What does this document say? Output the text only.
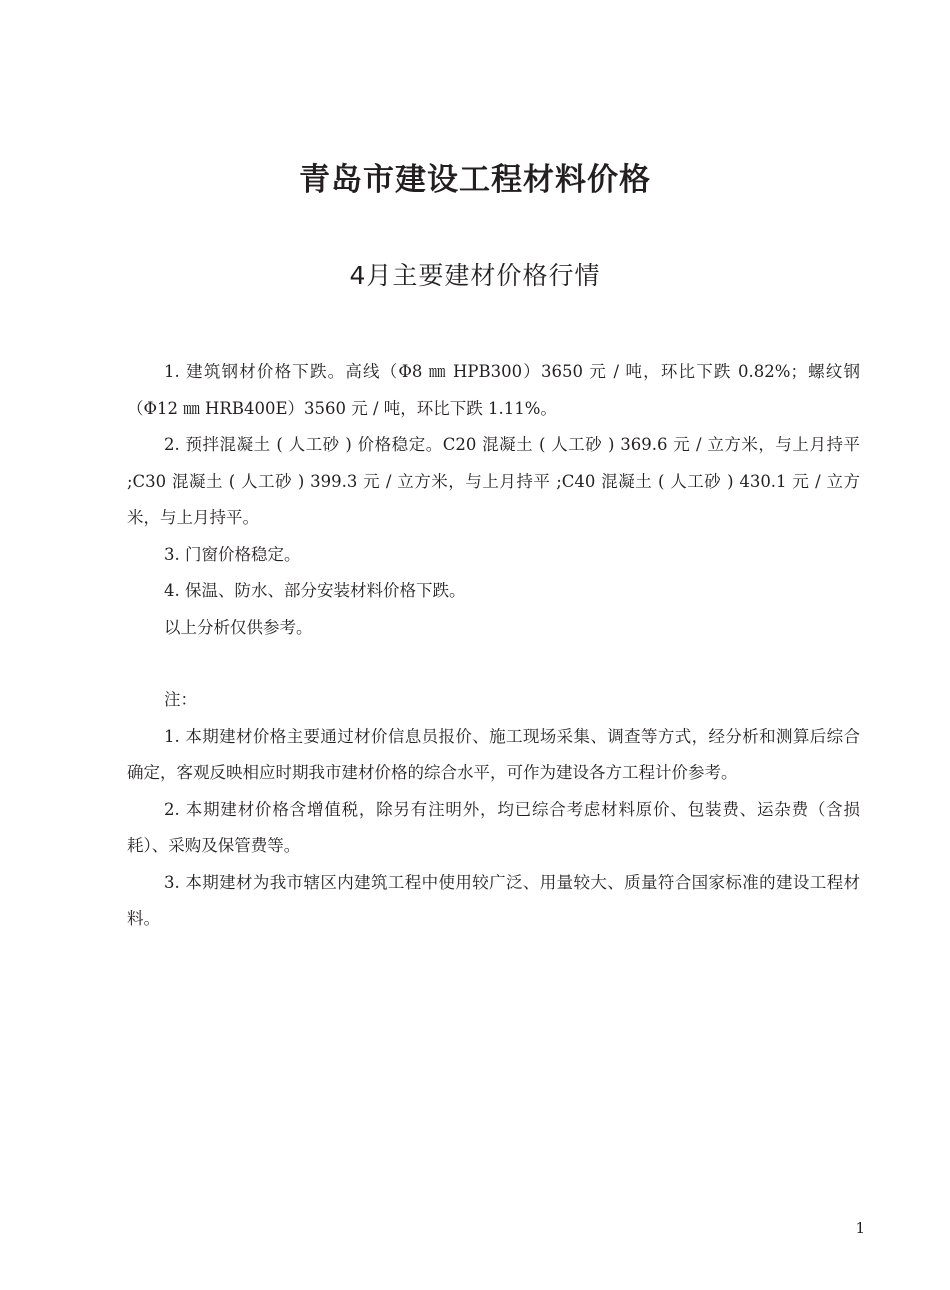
青岛市建设工程材料价格
4月主要建材价格行情

1. 建筑钢材价格下跌。高线（Φ8 ㎜ HPB300）3650 元 / 吨，环比下跌 0.82%；螺纹钢（Φ12 ㎜ HRB400E）3560 元 / 吨，环比下跌 1.11%。

2. 预拌混凝土 ( 人工砂 ) 价格稳定。C20 混凝土 ( 人工砂 ) 369.6 元 / 立方米，与上月持平 ;C30 混凝土 ( 人工砂 ) 399.3 元 / 立方米，与上月持平 ;C40 混凝土 ( 人工砂 ) 430.1 元 / 立方米，与上月持平。

3. 门窗价格稳定。

4. 保温、防水、部分安装材料价格下跌。

以上分析仅供参考。

注：

1. 本期建材价格主要通过材价信息员报价、施工现场采集、调查等方式，经分析和测算后综合确定，客观反映相应时期我市建材价格的综合水平，可作为建设各方工程计价参考。

2. 本期建材价格含增值税，除另有注明外，均已综合考虑材料原价、包装费、运杂费（含损耗）、采购及保管费等。

3. 本期建材为我市辖区内建筑工程中使用较广泛、用量较大、质量符合国家标准的建设工程材料。

1
